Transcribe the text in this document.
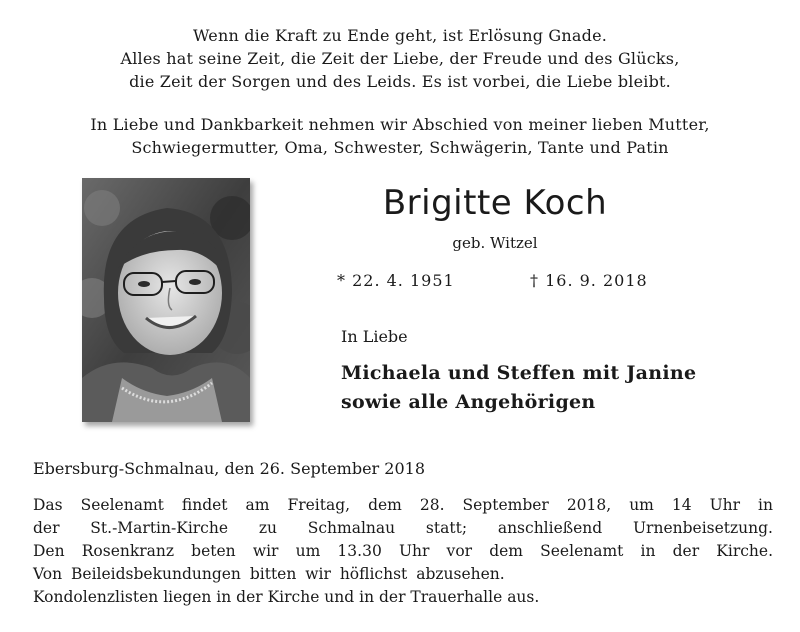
Wenn die Kraft zu Ende geht, ist Erlösung Gnade.
Alles hat seine Zeit, die Zeit der Liebe, der Freude und des Glücks,
die Zeit der Sorgen und des Leids. Es ist vorbei, die Liebe bleibt.
In Liebe und Dankbarkeit nehmen wir Abschied von meiner lieben Mutter,
Schwiegermutter, Oma, Schwester, Schwägerin, Tante und Patin
Brigitte Koch
geb. Witzel
* 22. 4. 1951	† 16. 9. 2018
In Liebe
Michaela und Steffen mit Janine
sowie alle Angehörigen
Ebersburg-Schmalnau, den 26. September 2018
Das Seelenamt findet am Freitag, dem 28. September 2018, um 14 Uhr in
der St.-Martin-Kirche zu Schmalnau statt; anschließend Urnenbeisetzung.
Den Rosenkranz beten wir um 13.30 Uhr vor dem Seelenamt in der Kirche.
Von Beileidsbekundungen bitten wir höflichst abzusehen.
Kondolenzlisten liegen in der Kirche und in der Trauerhalle aus.
